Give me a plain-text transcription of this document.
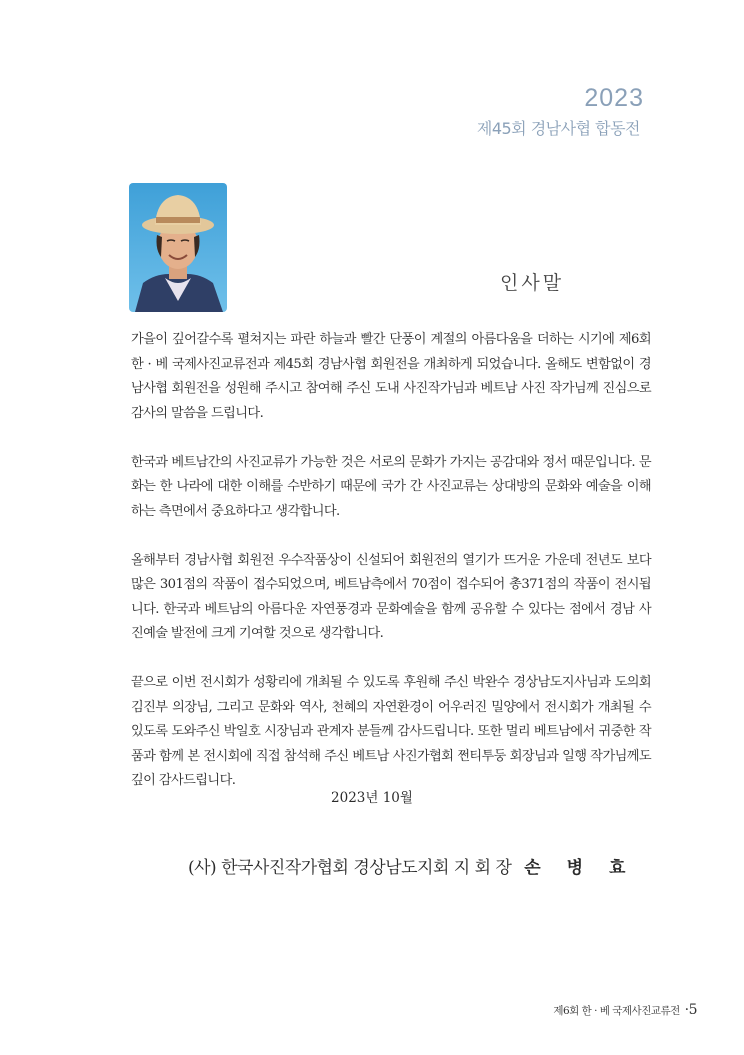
2023
제45회 경남사협 합동전
인사말

가을이 깊어갈수록 펼쳐지는 파란 하늘과 빨간 단풍이 계절의 아름다움을 더하는 시기에 제6회 한 · 베 국제사진교류전과 제45회 경남사협 회원전을 개최하게 되었습니다. 올해도 변함없이 경남사협 회원전을 성원해 주시고 참여해 주신 도내 사진작가님과 베트남 사진 작가님께 진심으로 감사의 말씀을 드립니다.

한국과 베트남간의 사진교류가 가능한 것은 서로의 문화가 가지는 공감대와 정서 때문입니다. 문화는 한 나라에 대한 이해를 수반하기 때문에 국가 간 사진교류는 상대방의 문화와 예술을 이해하는 측면에서 중요하다고 생각합니다.

올해부터 경남사협 회원전 우수작품상이 신설되어 회원전의 열기가 뜨거운 가운데 전년도 보다 많은 301점의 작품이 접수되었으며, 베트남측에서 70점이 접수되어 총371점의 작품이 전시됩니다. 한국과 베트남의 아름다운 자연풍경과 문화예술을 함께 공유할 수 있다는 점에서 경남 사진예술 발전에 크게 기여할 것으로 생각합니다.

끝으로 이번 전시회가 성황리에 개최될 수 있도록 후원해 주신 박완수 경상남도지사님과 도의회 김진부 의장님, 그리고 문화와 역사, 천혜의 자연환경이 어우러진 밀양에서 전시회가 개최될 수 있도록 도와주신 박일호 시장님과 관계자 분들께 감사드립니다. 또한 멀리 베트남에서 귀중한 작품과 함께 본 전시회에 직접 참석해 주신 베트남 사진가협회 쩐티투둥 회장님과 일행 작가님께도 깊이 감사드립니다.

2023년 10월
(사) 한국사진작가협회 경상남도지회 지 회 장 손 병 효
제6회 한 · 베 국제사진교류전 ·5
